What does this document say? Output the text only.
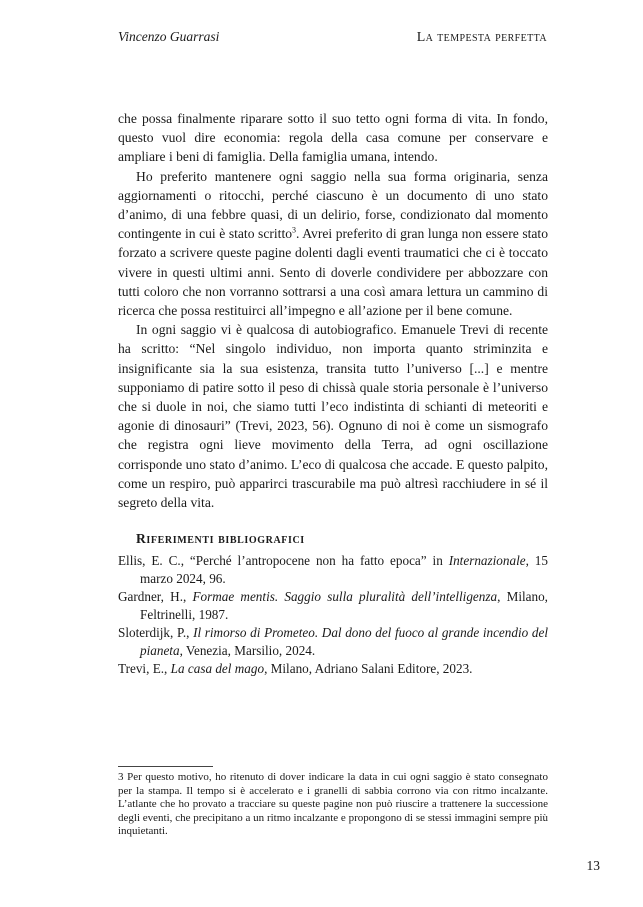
Vincenzo Guarrasi	La tempesta perfetta

che possa finalmente riparare sotto il suo tetto ogni forma di vita. In fondo, questo vuol dire economia: regola della casa comune per conservare e ampliare i beni di famiglia. Della famiglia umana, intendo.

Ho preferito mantenere ogni saggio nella sua forma originaria, senza aggiornamenti o ritocchi, perché ciascuno è un documento di uno stato d’animo, di una febbre quasi, di un delirio, forse, condizionato dal momento contingente in cui è stato scritto$^3$. Avrei preferito di gran lunga non essere stato forzato a scrivere queste pagine dolenti dagli eventi traumatici che ci è toccato vivere in questi ultimi anni. Sento di doverle condividere per abbozzare con tutti coloro che non vorranno sottrarsi a una così amara lettura un cammino di ricerca che possa restituirci all’impegno e all’azione per il bene comune.

In ogni saggio vi è qualcosa di autobiografico. Emanuele Trevi di recente ha scritto: “Nel singolo individuo, non importa quanto striminzita e insignificante sia la sua esistenza, transita tutto l’universo [...] e mentre supponiamo di patire sotto il peso di chissà quale storia personale è l’universo che si duole in noi, che siamo tutti l’eco indistinta di schianti di meteoriti e agonie di dinosauri” (Trevi, 2023, 56). Ognuno di noi è come un sismografo che registra ogni lieve movimento della Terra, ad ogni oscillazione corrisponde uno stato d’animo. L’eco di qualcosa che accade. E questo palpito, come un respiro, può apparirci trascurabile ma può altresì racchiudere in sé il segreto della vita.

Riferimenti bibliografici
Ellis, E. C., “Perché l’antropocene non ha fatto epoca” in Internazionale, 15 marzo 2024, 96.
Gardner, H., Formae mentis. Saggio sulla pluralità dell’intelligenza, Milano, Feltrinelli, 1987.
Sloterdijk, P., Il rimorso di Prometeo. Dal dono del fuoco al grande incendio del pianeta, Venezia, Marsilio, 2024.
Trevi, E., La casa del mago, Milano, Adriano Salani Editore, 2023.

3 Per questo motivo, ho ritenuto di dover indicare la data in cui ogni saggio è stato consegnato per la stampa. Il tempo si è accelerato e i granelli di sabbia corrono via con ritmo incalzante. L’atlante che ho provato a tracciare su queste pagine non può riuscire a trattenere la successione degli eventi, che precipitano a un ritmo incalzante e propongono di se stessi immagini sempre più inquietanti.

13
